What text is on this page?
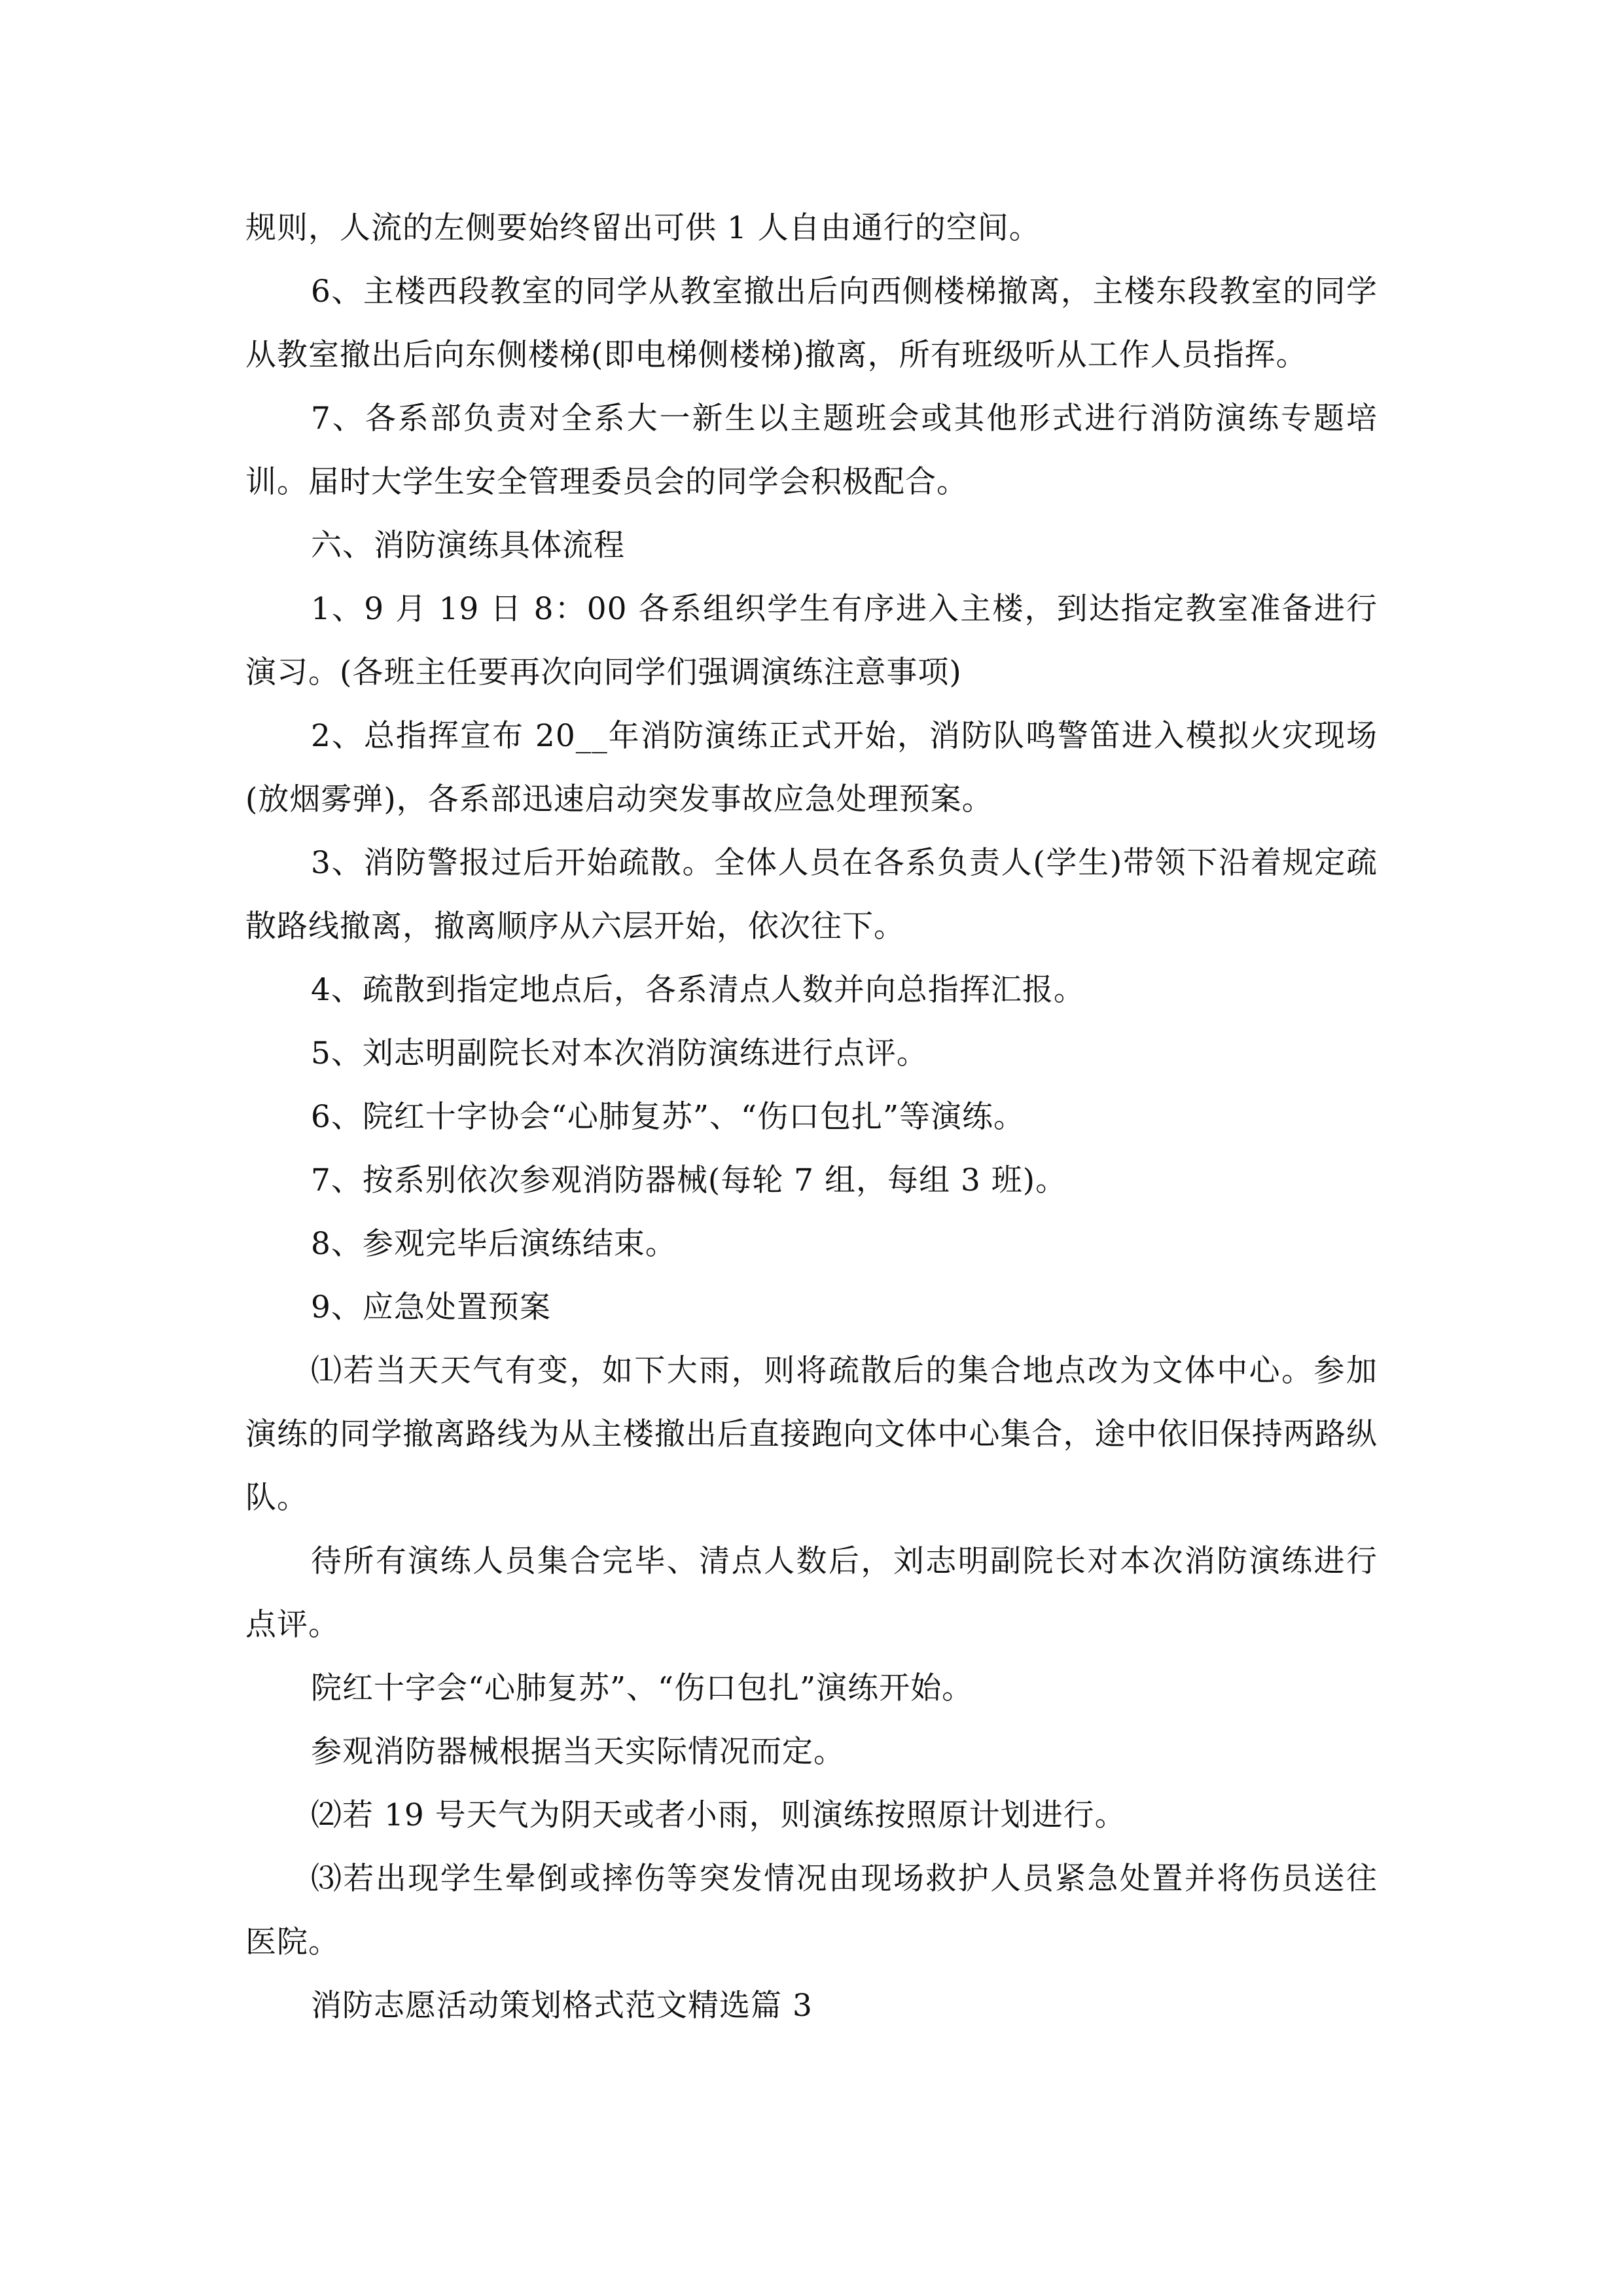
规则，人流的左侧要始终留出可供 1 人自由通行的空间。

6、主楼西段教室的同学从教室撤出后向西侧楼梯撤离，主楼东段教室的同学从教室撤出后向东侧楼梯(即电梯侧楼梯)撤离，所有班级听从工作人员指挥。

7、各系部负责对全系大一新生以主题班会或其他形式进行消防演练专题培训。届时大学生安全管理委员会的同学会积极配合。

六、消防演练具体流程

1、9 月 19 日 8：00 各系组织学生有序进入主楼，到达指定教室准备进行演习。(各班主任要再次向同学们强调演练注意事项)

2、总指挥宣布 20__年消防演练正式开始，消防队鸣警笛进入模拟火灾现场(放烟雾弹)，各系部迅速启动突发事故应急处理预案。

3、消防警报过后开始疏散。全体人员在各系负责人(学生)带领下沿着规定疏散路线撤离，撤离顺序从六层开始，依次往下。

4、疏散到指定地点后，各系清点人数并向总指挥汇报。

5、刘志明副院长对本次消防演练进行点评。

6、院红十字协会“心肺复苏”、“伤口包扎”等演练。

7、按系别依次参观消防器械(每轮 7 组，每组 3 班)。

8、参观完毕后演练结束。

9、应急处置预案

⑴若当天天气有变，如下大雨，则将疏散后的集合地点改为文体中心。参加演练的同学撤离路线为从主楼撤出后直接跑向文体中心集合，途中依旧保持两路纵队。

待所有演练人员集合完毕、清点人数后，刘志明副院长对本次消防演练进行点评。

院红十字会“心肺复苏”、“伤口包扎”演练开始。

参观消防器械根据当天实际情况而定。

⑵若 19 号天气为阴天或者小雨，则演练按照原计划进行。

⑶若出现学生晕倒或摔伤等突发情况由现场救护人员紧急处置并将伤员送往医院。

消防志愿活动策划格式范文精选篇 3
